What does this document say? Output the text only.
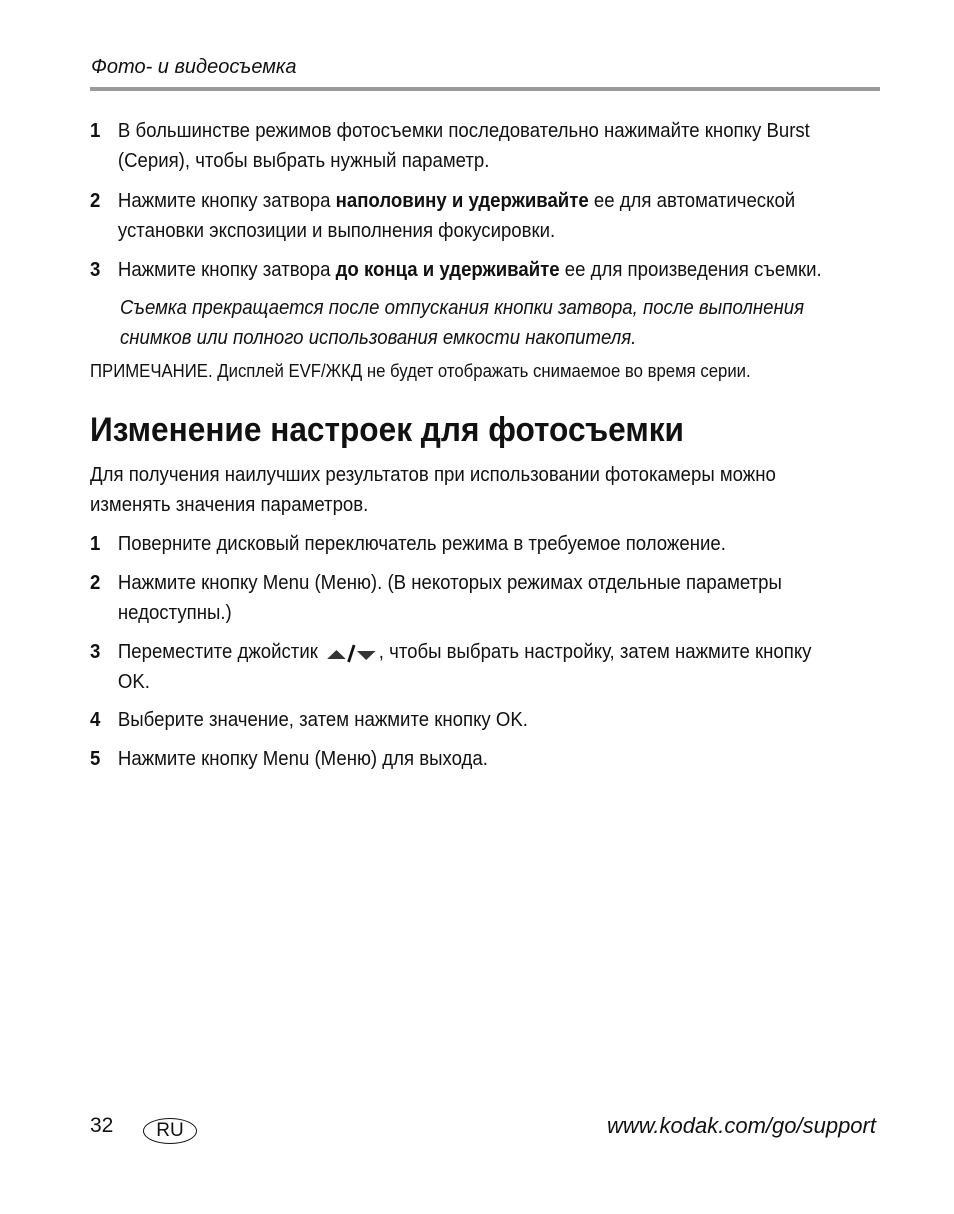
Фото- и видеосъемка
1 В большинстве режимов фотосъемки последовательно нажимайте кнопку Burst (Серия), чтобы выбрать нужный параметр.
2 Нажмите кнопку затвора наполовину и удерживайте ее для автоматической установки экспозиции и выполнения фокусировки.
3 Нажмите кнопку затвора до конца и удерживайте ее для произведения съемки.
Съемка прекращается после отпускания кнопки затвора, после выполнения снимков или полного использования емкости накопителя.
ПРИМЕЧАНИЕ. Дисплей EVF/ЖКД не будет отображать снимаемое во время серии.
Изменение настроек для фотосъемки
Для получения наилучших результатов при использовании фотокамеры можно изменять значения параметров.
1 Поверните дисковый переключатель режима в требуемое положение.
2 Нажмите кнопку Menu (Меню). (В некоторых режимах отдельные параметры недоступны.)
3 Переместите джойстик	, чтобы выбрать настройку, затем нажмите кнопку OK.
4 Выберите значение, затем нажмите кнопку OK.
5 Нажмите кнопку Menu (Меню) для выхода.
32	RU	www.kodak.com/go/support
